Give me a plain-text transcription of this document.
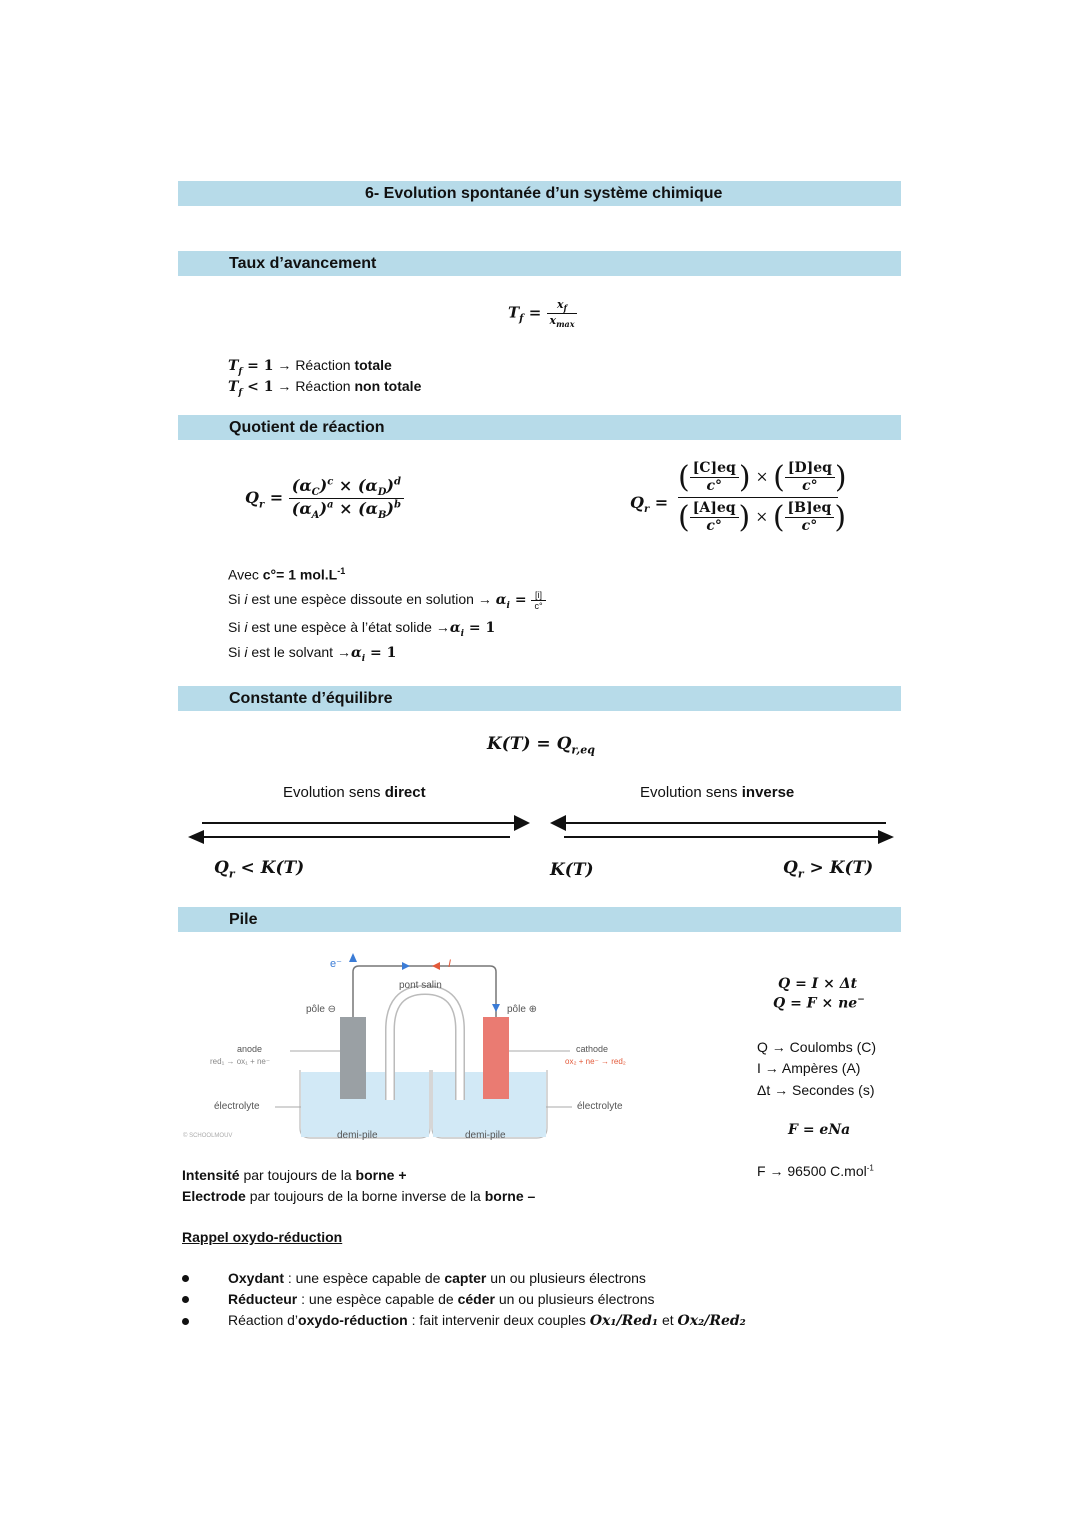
6- Evolution spontanée d’un système chimique
Taux d’avancement
$T_f = \frac{x_f}{x_{max}}$
$T_f = 1$ → Réaction totale
$T_f < 1$ → Réaction non totale
Quotient de réaction
$Q_r = \frac{(\alpha_C)^c \times (\alpha_D)^d}{(\alpha_A)^a \times (\alpha_B)^b}$	$Q_r$ =
( $\frac{[C]eq}{c^\circ}$ ) × ( $\frac{[D]eq}{c^\circ}$ )
( $\frac{[A]eq}{c^\circ}$ ) × ( $\frac{[B]eq}{c^\circ}$ )
Avec c°= 1 $mol.L^{-1}$
Si i est une espèce dissoute en solution → $\alpha_i = \frac{[i]}{c^\circ}$
Si i est une espèce à l’état solide $\to\alpha_i = 1$
Si i est le solvant $\to\alpha_i = 1$
Constante d’équilibre
$K(T) = Q_{r,eq}$
Evolution sens direct	Evolution sens inverse
$Q_r < K(T)$	K(T)	$Q_r > K(T)$
Pile
I
e⁻
pont salin
pôle ⊖	pôle ⊕
anode
red₁ → ox₁ + ne⁻
cathode
ox₂ + ne⁻ → red₂
électrolyte	électrolyte
demi-pile	demi-pile
© SCHOOLMOUV
Q = I × Δt
Q = F × ne−
Q → Coulombs (C)
I → Ampères (A)
Δt → Secondes (s)
F = eNa
F → 96500 C.mol$^{-1}$
Intensité par toujours de la borne +
Electrode par toujours de la borne inverse de la borne –
Rappel oxydo-réduction
Oxydant : une espèce capable de capter un ou plusieurs électrons
Réducteur : une espèce capable de céder un ou plusieurs électrons
Réaction d’oxydo-réduction : fait intervenir deux couples Ox₁/Red₁ et Ox₂/Red₂
